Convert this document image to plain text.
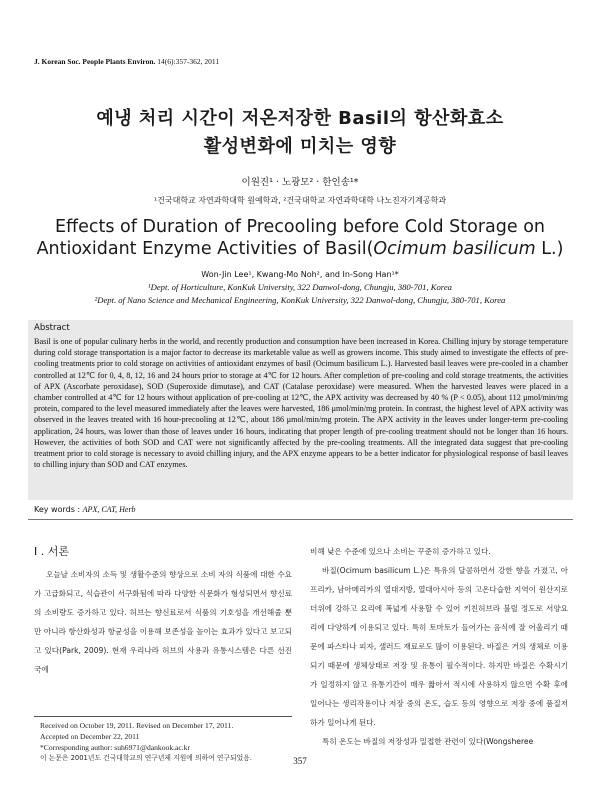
J. Korean Soc. People Plants Environ. 14(6):357-362, 2011
예냉 처리 시간이 저온저장한 Basil의 항산화효소
활성변화에 미치는 영향
이원진¹ · 노광모² · 한인송¹*
¹건국대학교 자연과학대학 원예학과, ²건국대학교 자연과학대학 나노진자기계공학과
Effects of Duration of Precooling before Cold Storage on
Antioxidant Enzyme Activities of Basil(Ocimum basilicum L.)
Won-Jin Lee¹, Kwang-Mo Noh², and In-Song Han¹*
¹Dept. of Horticulture, KonKuk University, 322 Danwol-dong, Chungju, 380-701, Korea
²Dept. of Nano Science and Mechanical Engineering, KonKuk University, 322 Danwol-dong, Chungju, 380-701, Korea
Abstract

Basil is one of popular culinary herbs in the world, and recently production and consumption have been increased in Korea. Chilling injury by storage temperature during cold storage transportation is a major factor to decrease its marketable value as well as growers income. This study aimed to investigate the effects of pre-cooling treatments prior to cold storage on activities of antioxidant enzymes of basil (Ocimum basilicum L.). Harvested basil leaves were pre-cooled in a chamber controlled at 12℃ for 0, 4, 8, 12, 16 and 24 hours prior to storage at 4℃ for 12 hours. After completion of pre-cooling and cold storage treatments, the activities of APX (Ascorbate peroxidase), SOD (Superoxide dimutase), and CAT (Catalase peroxidase) were measured. When the harvested leaves were placed in a chamber controlled at 4℃ for 12 hours without application of pre-cooling at 12℃, the APX activity was decreased by 40 % (P < 0.05), about 112 μmol/min/mg protein, compared to the level measured immediately after the leaves were harvested, 186 μmol/min/mg protein. In contrast, the highest level of APX activity was observed in the leaves treated with 16 hour-precooling at 12℃, about 186 μmol/min/mg protein. The APX activity in the leaves under longer-term pre-cooling application, 24 hours, was lower than those of leaves under 16 hours, indicating that proper length of pre-cooling treatment should not be longer than 16 hours. However, the activities of both SOD and CAT were not significantly affected by the pre-cooling treatments. All the integrated data suggest that pre-cooling treatment prior to cold storage is necessary to avoid chilling injury, and the APX enzyme appears to be a better indicator for physiological response of basil leaves to chilling injury than SOD and CAT enzymes.

Key words : APX, CAT, Herb
I . 서론

오늘날 소비자의 소득 및 생활수준의 향상으로 소비 자의 식품에 대한 수요가 고급화되고, 식습관이 서구화됨에 따라 다양한 식문화가 형성되면서 향신료의 소비량도 증가하고 있다. 허브는 향신료로서 식품의 기호성을 개선해줄 뿐만 아니라 항산화성과 항균성을 이용해 보존성을 높이는 효과가 있다고 보고되고 있다(Park, 2009). 현재 우리나라 허브의 사용과 유통시스템은 다른 선진국에

비해 낮은 수준에 있으나 소비는 꾸준히 증가하고 있다.

바질(Ocimum basilicum L.)은 특유의 달콤하면서 강한 향을 가졌고, 아프리카, 남아메리카의 열대지방, 열대아시아 등의 고온다습한 지역이 원산지로 더위에 강하고 요리에 폭넓게 사용할 수 있어 키친허브라 불릴 정도로 서양요리에 다양하게 이용되고 있다. 특히 토마토가 들어가는 음식에 잘 어울리기 때문에 파스타나 피자, 샐러드 재료로도 많이 이용된다. 바질은 거의 생체로 이용되기 때문에 생체상태로 저장 및 유통이 필수적이다. 하지만 바질은 수확시기가 일정하지 않고 유통기간이 매우 짧아서 적시에 사용하지 않으면 수확 후에 일어나는 생리작용이나 저장 중의 온도, 습도 등의 영향으로 저장 중에 품질저하가 일어나게 된다.

특히 온도는 바질의 저장성과 밀접한 관련이 있다(Wongsheree

Received on October 19, 2011. Revised on December 17, 2011.
Accepted on December 22, 2011
*Corresponding author: suh6971@dankook.ac.kr
이 논문은 2001년도 건국대학교의 연구년제 지원에 의하여 연구되었음.	357
